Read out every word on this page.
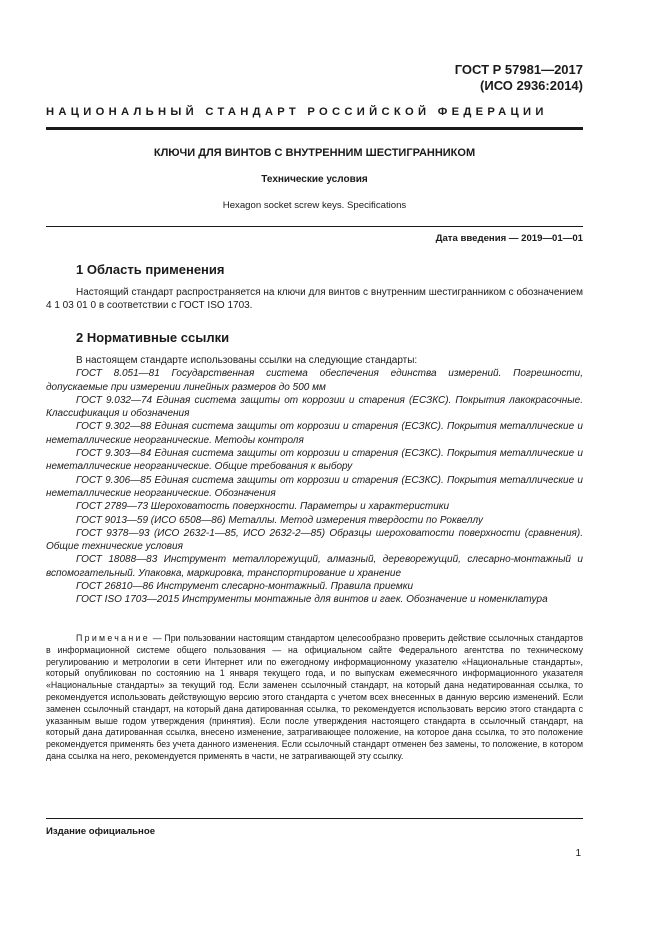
ГОСТ Р 57981—2017
(ИСО 2936:2014)
НАЦИОНАЛЬНЫЙ СТАНДАРТ РОССИЙСКОЙ ФЕДЕРАЦИИ
КЛЮЧИ ДЛЯ ВИНТОВ С ВНУТРЕННИМ ШЕСТИГРАННИКОМ
Технические условия
Hexagon socket screw keys. Specifications
Дата введения — 2019—01—01
1 Область применения

Настоящий стандарт распространяется на ключи для винтов с внутренним шестигранником с обозначением 4 1 03 01 0 в соответствии с ГОСТ ISO 1703.

2 Нормативные ссылки

В настоящем стандарте использованы ссылки на следующие стандарты:

ГОСТ 8.051—81 Государственная система обеспечения единства измерений. Погрешности, допускаемые при измерении линейных размеров до 500 мм

ГОСТ 9.032—74 Единая система защиты от коррозии и старения (ЕСЗКС). Покрытия лакокрасочные. Классификация и обозначения

ГОСТ 9.302—88 Единая система защиты от коррозии и старения (ЕСЗКС). Покрытия металлические и неметаллические неорганические. Методы контроля

ГОСТ 9.303—84 Единая система защиты от коррозии и старения (ЕСЗКС). Покрытия металлические и неметаллические неорганические. Общие требования к выбору

ГОСТ 9.306—85 Единая система защиты от коррозии и старения (ЕСЗКС). Покрытия металлические и неметаллические неорганические. Обозначения

ГОСТ 2789—73 Шероховатость поверхности. Параметры и характеристики

ГОСТ 9013—59 (ИСО 6508—86) Металлы. Метод измерения твердости по Роквеллу

ГОСТ 9378—93 (ИСО 2632-1—85, ИСО 2632-2—85) Образцы шероховатости поверхности (сравнения). Общие технические условия

ГОСТ 18088—83 Инструмент металлорежущий, алмазный, дереворежущий, слесарно-монтажный и вспомогательный. Упаковка, маркировка, транспортирование и хранение

ГОСТ 26810—86 Инструмент слесарно-монтажный. Правила приемки

ГОСТ ISO 1703—2015 Инструменты монтажные для винтов и гаек. Обозначение и номенклатура

Примечание — При пользовании настоящим стандартом целесообразно проверить действие ссылочных стандартов в информационной системе общего пользования — на официальном сайте Федерального агентства по техническому регулированию и метрологии в сети Интернет или по ежегодному информационному указателю «Национальные стандарты», который опубликован по состоянию на 1 января текущего года, и по выпускам ежемесячного информационного указателя «Национальные стандарты» за текущий год. Если заменен ссылочный стандарт, на который дана недатированная ссылка, то рекомендуется использовать действующую версию этого стандарта с учетом всех внесенных в данную версию изменений. Если заменен ссылочный стандарт, на который дана датированная ссылка, то рекомендуется использовать версию этого стандарта с указанным выше годом утверждения (принятия). Если после утверждения настоящего стандарта в ссылочный стандарт, на который дана датированная ссылка, внесено изменение, затрагивающее положение, на которое дана ссылка, то это положение рекомендуется применять без учета данного изменения. Если ссылочный стандарт отменен без замены, то положение, в котором дана ссылка на него, рекомендуется применять в части, не затрагивающей эту ссылку.
Издание официальное
1
